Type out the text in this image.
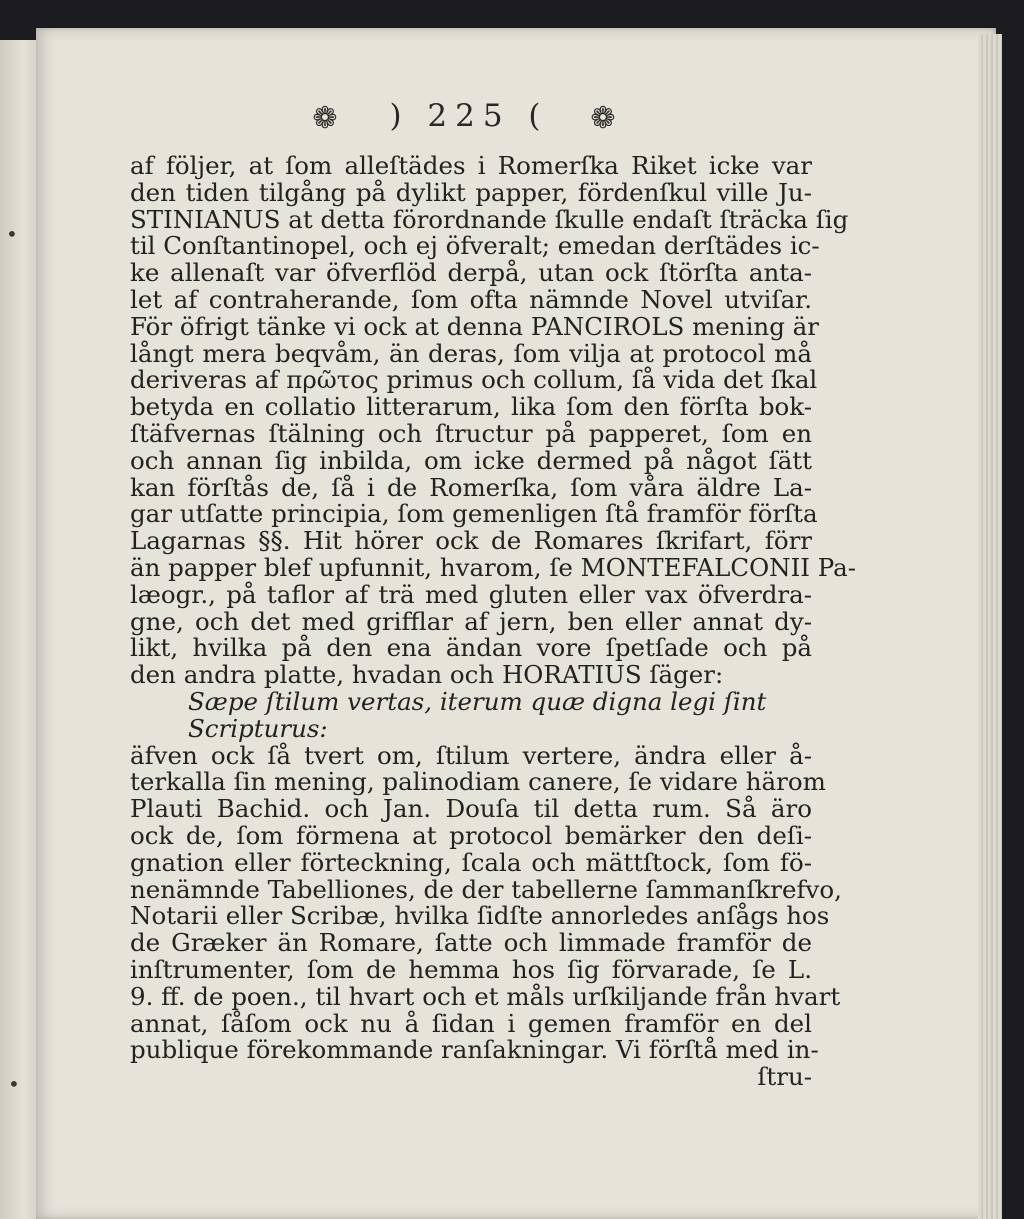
•
•
❁ ) 225 ( ❁
af följer, at ſom alleſtädes i Romerſka Riket icke var
den tiden tilgång på dylikt papper, fördenſkul ville Ju-
STINIANUS at detta förordnande ſkulle endaſt ſträcka ſig
til Conſtantinopel, och ej öfveralt; emedan derſtädes ic-
ke allenaſt var öfverflöd derpå, utan ock ſtörſta anta-
let af contraherande, ſom ofta nämnde Novel utviſar.
För öfrigt tänke vi ock at denna PANCIROLS mening är
långt mera beqvåm, än deras, ſom vilja at protocol må
deriveras af πρῶτος primus och collum, ſå vida det ſkal
betyda en collatio litterarum, lika ſom den förſta bok-
ſtäfvernas ſtälning och ſtructur på papperet, ſom en
och annan ſig inbilda, om icke dermed på något ſätt
kan förſtås de, ſå i de Romerſka, ſom våra äldre La-
gar utſatte principia, ſom gemenligen ſtå framför förſta
Lagarnas §§. Hit hörer ock de Romares ſkrifart, förr
än papper blef upfunnit, hvarom, ſe MONTEFALCONII Pa-
læogr., på taflor af trä med gluten eller vax öfverdra-
gne, och det med grifflar af jern, ben eller annat dy-
likt, hvilka på den ena ändan vore ſpetſade och på
den andra platte, hvadan och HORATIUS ſäger:
Sæpe ſtilum vertas, iterum quæ digna legi ſint
Scripturus:
äfven ock ſå tvert om, ſtilum vertere, ändra eller å-
terkalla ſin mening, palinodiam canere, ſe vidare härom
Plauti Bachid. och Jan. Douſa til detta rum. Så äro
ock de, ſom förmena at protocol bemärker den deſi-
gnation eller förteckning, ſcala och mättſtock, ſom fö-
nenämnde Tabelliones, de der tabellerne ſammanſkrefvo,
Notarii eller Scribæ, hvilka ſidſte annorledes anſågs hos
de Græker än Romare, ſatte och limmade framför de
inſtrumenter, ſom de hemma hos ſig förvarade, ſe L.
9. ff. de poen., til hvart och et måls urſkiljande från hvart
annat, ſåſom ock nu å ſidan i gemen framför en del
publique förekommande ranſakningar. Vi förſtå med in-
ſtru-
